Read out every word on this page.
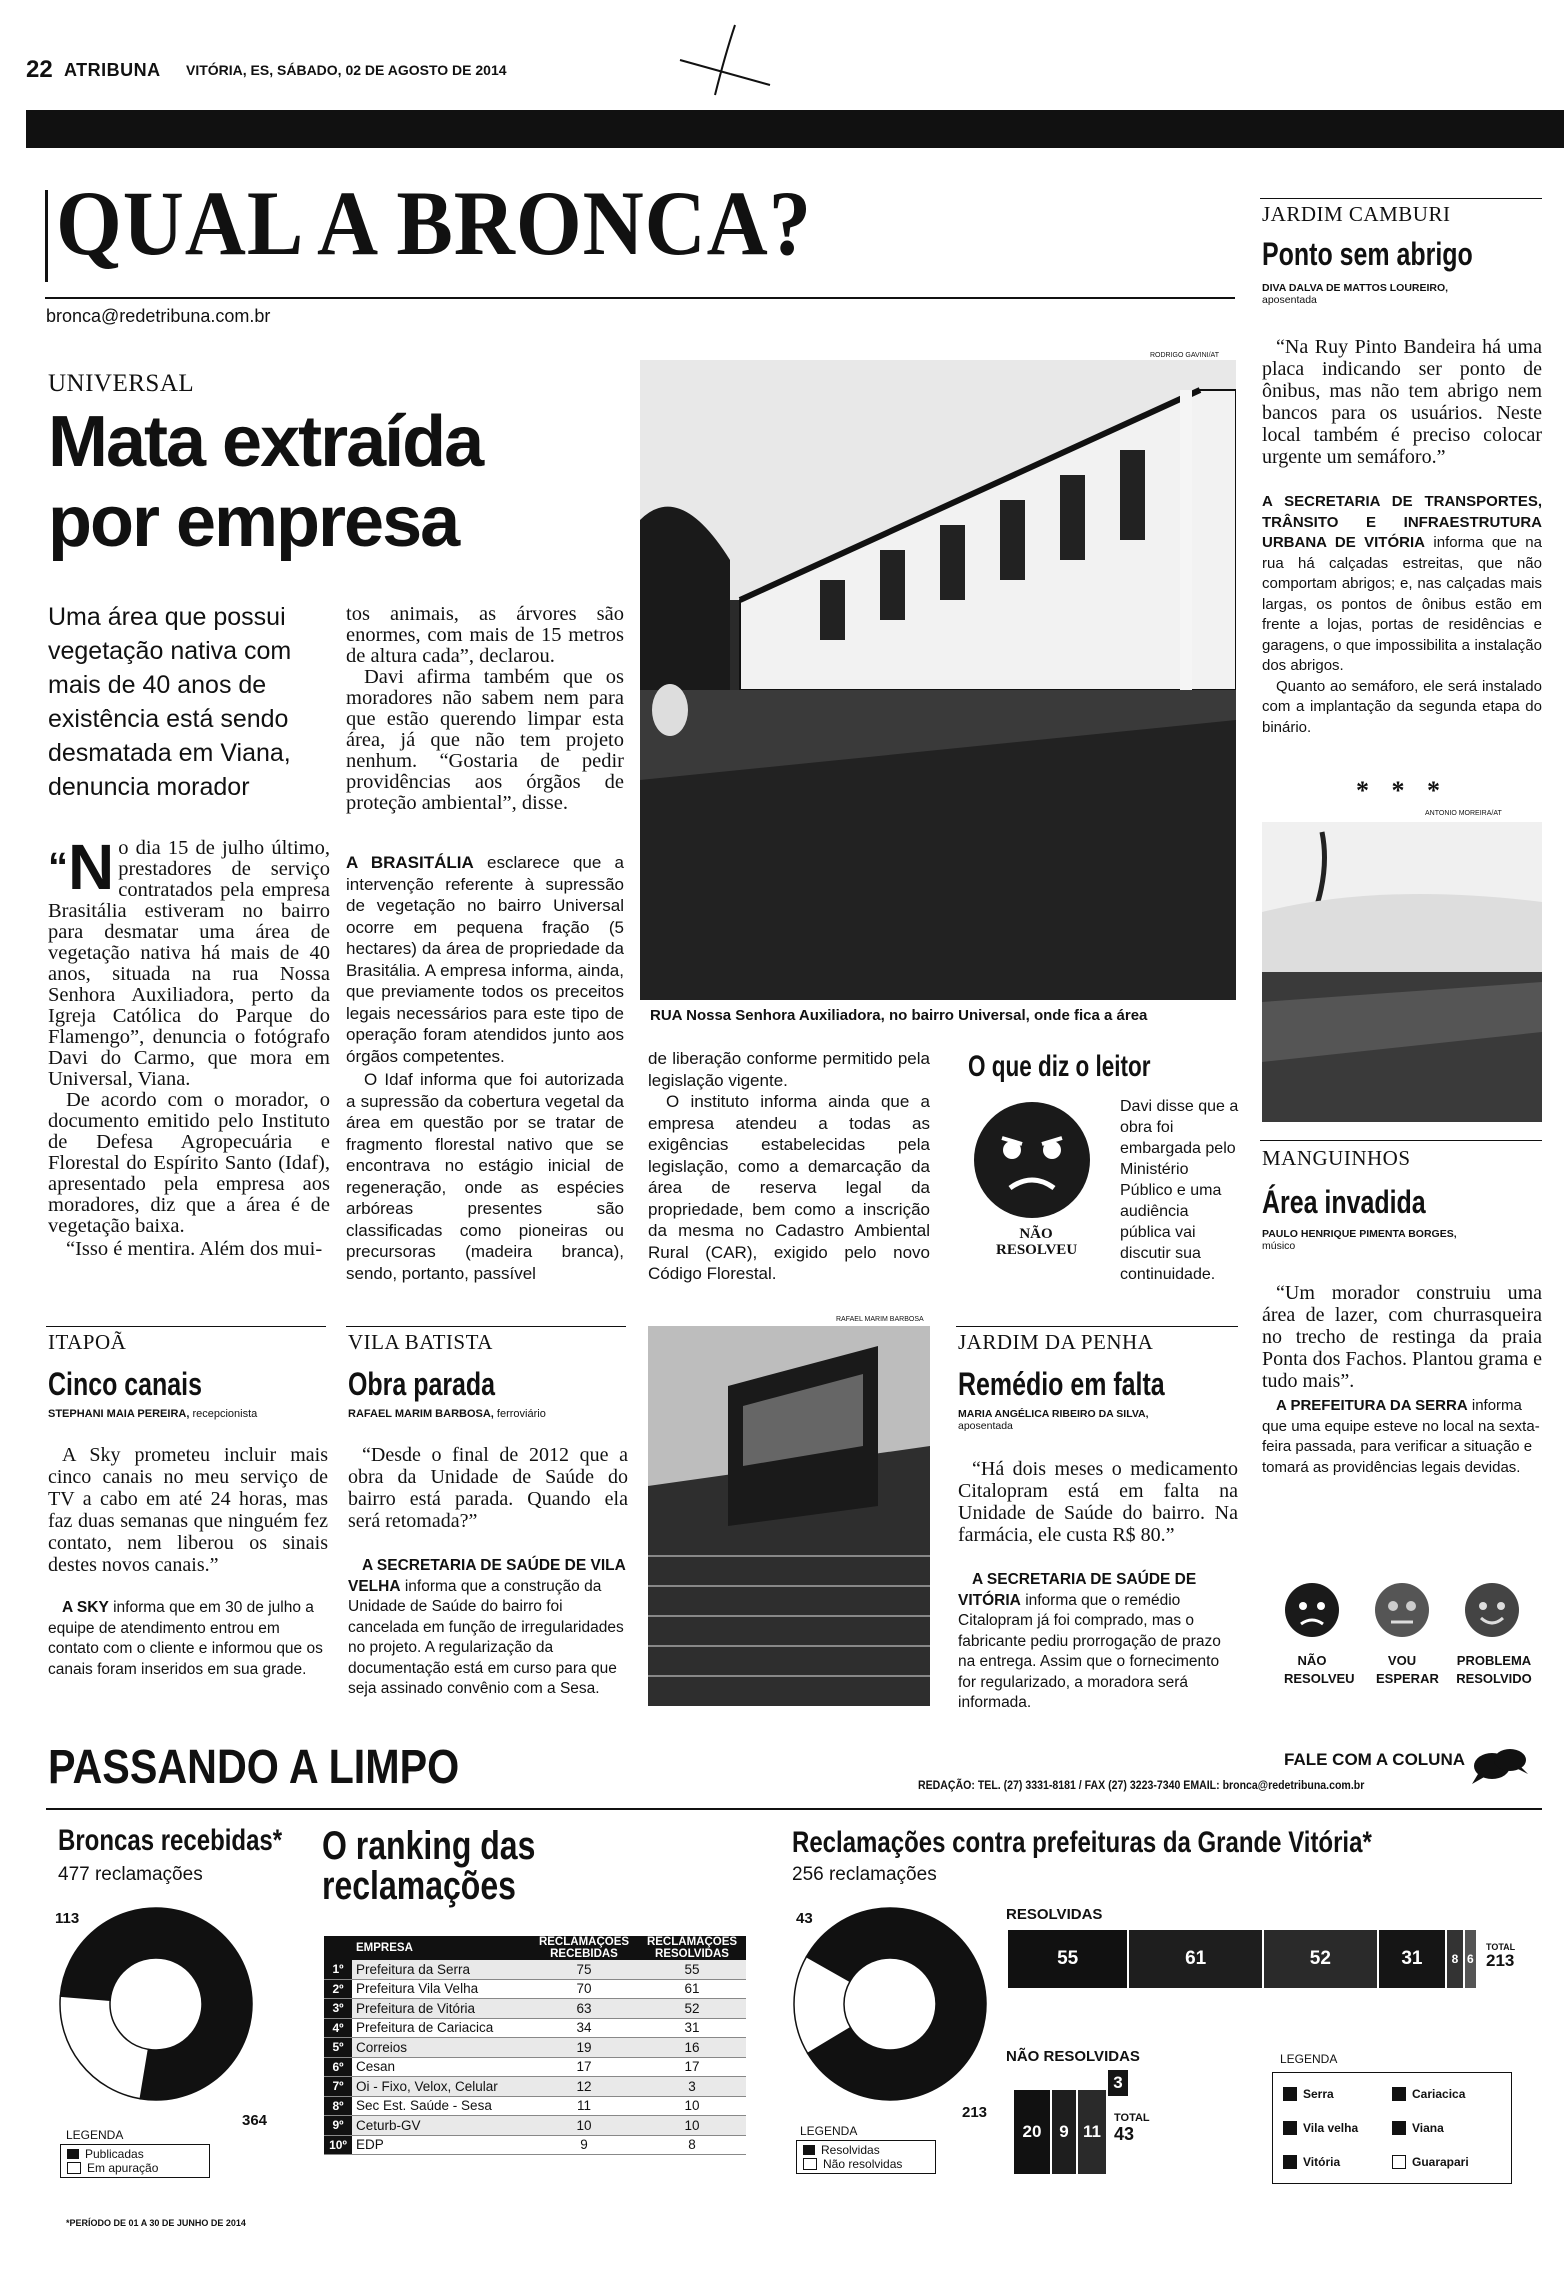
22 ATRIBUNA VITÓRIA, ES, SÁBADO, 02 DE AGOSTO DE 2014
QUAL A BRONCA?
bronca@redetribuna.com.br
UNIVERSAL
Mata extraída por empresa
Uma área que possui vegetação nativa com mais de 40 anos de existência está sendo desmatada em Viana, denuncia morador
“N o dia 15 de julho último, prestadores de serviço contratados pela empresa Brasitália estiveram no bairro para desmatar uma área de vegetação nativa há mais de 40 anos, situada na rua Nossa Senhora Auxiliadora, perto da Igreja Católica do Parque do Flamengo”, denuncia o fotógrafo Davi do Carmo, que mora em Universal, Viana.

De acordo com o morador, o documento emitido pelo Instituto de Defesa Agropecuária e Florestal do Espírito Santo (Idaf), apresentado pela empresa aos moradores, diz que a área é de vegetação baixa.

“Isso é mentira. Além dos mui-

tos animais, as árvores são enormes, com mais de 15 metros de altura cada”, declarou.

Davi afirma também que os moradores não sabem nem para que estão querendo limpar esta área, já que não tem projeto nenhum. “Gostaria de pedir providências aos órgãos de proteção ambiental”, disse.

A BRASITÁLIA esclarece que a intervenção referente à supressão de vegetação no bairro Universal ocorre em pequena fração (5 hectares) da área de propriedade da Brasitália. A empresa informa, ainda, que previamente todos os preceitos legais necessários para este tipo de operação foram atendidos junto aos órgãos competentes.

O Idaf informa que foi autorizada a supressão da cobertura vegetal da área em questão por se tratar de fragmento florestal nativo que se encontrava no estágio inicial de regeneração, onde as espécies arbóreas presentes são classificadas como pioneiras ou precursoras (madeira branca), sendo, portanto, passível

RODRIGO GAVINI/AT
RUA Nossa Senhora Auxiliadora, no bairro Universal, onde fica a área
de liberação conforme permitido pela legislação vigente.

O instituto informa ainda que a empresa atendeu a todas as exigências estabelecidas pela legislação, como a demarcação da área de reserva legal da propriedade, bem como a inscrição da mesma no Cadastro Ambiental Rural (CAR), exigido pelo novo Código Florestal.

O que diz o leitor
NÃO RESOLVEU
Davi disse que a obra foi embargada pelo Ministério Público e uma audiência pública vai discutir sua continuidade.
JARDIM CAMBURI
Ponto sem abrigo
DIVA DALVA DE MATTOS LOUREIRO,
aposentada
“Na Ruy Pinto Bandeira há uma placa indicando ser ponto de ônibus, mas não tem abrigo nem bancos para os usuários. Neste local também é preciso colocar urgente um semáforo.”
A SECRETARIA DE TRANSPORTES, TRÂNSITO E INFRAESTRUTURA URBANA DE VITÓRIA informa que na rua há calçadas estreitas, que não comportam abrigos; e, nas calçadas mais largas, os pontos de ônibus estão em frente a lojas, portas de residências e garagens, o que impossibilita a instalação dos abrigos.
Quanto ao semáforo, ele será instalado com a implantação da segunda etapa do binário.
* * *
ANTONIO MOREIRA/AT
MANGUINHOS
Área invadida
PAULO HENRIQUE PIMENTA BORGES,
músico
“Um morador construiu uma área de lazer, com churrasqueira no trecho de restinga da praia Ponta dos Fachos. Plantou grama e tudo mais”.
A PREFEITURA DA SERRA informa que uma equipe esteve no local na sexta-feira passada, para verificar a situação e tomará as providências legais devidas.
NÃO RESOLVEU
VOU ESPERAR
PROBLEMA RESOLVIDO
ITAPOÃ
Cinco canais
STEPHANI MAIA PEREIRA, recepcionista
A Sky prometeu incluir mais cinco canais no meu serviço de TV a cabo em até 24 horas, mas faz duas semanas que ninguém fez contato, nem liberou os sinais destes novos canais.”
A SKY informa que em 30 de julho a equipe de atendimento entrou em contato com o cliente e informou que os canais foram inseridos em sua grade.
VILA BATISTA
Obra parada
RAFAEL MARIM BARBOSA, ferroviário
“Desde o final de 2012 que a obra da Unidade de Saúde do bairro está parada. Quando ela será retomada?”
A SECRETARIA DE SAÚDE DE VILA VELHA informa que a construção da Unidade de Saúde do bairro foi cancelada em função de irregularidades no projeto. A regularização da documentação está em curso para que seja assinado convênio com a Sesa.
RAFAEL MARIM BARBOSA
JARDIM DA PENHA
Remédio em falta
MARIA ANGÉLICA RIBEIRO DA SILVA,
aposentada
“Há dois meses o medicamento Citalopram está em falta na Unidade de Saúde do bairro. Na farmácia, ele custa R$ 80.”
A SECRETARIA DE SAÚDE DE VITÓRIA informa que o remédio Citalopram já foi comprado, mas o fabricante pediu prorrogação de prazo na entrega. Assim que o fornecimento for regularizado, a moradora será informada.
PASSANDO A LIMPO	FALE COM A COLUNA
REDAÇÃO: TEL. (27) 3331-8181 / FAX (27) 3223-7340 EMAIL: bronca@redetribuna.com.br
Broncas recebidas*
477 reclamações
113
364
LEGENDA
Publicadas
Em apuração
O ranking das reclamações
	EMPRESA	RECLAMAÇÕES RECEBIDAS	RECLAMAÇÕES RESOLVIDAS
1º	Prefeitura da Serra	75	55
2º	Prefeitura Vila Velha	70	61
3º	Prefeitura de Vitória	63	52
4º	Prefeitura de Cariacica	34	31
5º	Correios	19	16
6º	Cesan	17	17
7º	Oi - Fixo, Velox, Celular	12	3
8º	Sec Est. Saúde - Sesa	11	10
9º	Ceturb-GV	10	10
10º	EDP	9	8
Reclamações contra prefeituras da Grande Vitória*
256 reclamações
43
213
LEGENDA
Resolvidas
Não resolvidas
RESOLVIDAS
55	61	52	31	8 6
TOTAL
213
NÃO RESOLVIDAS
20	9 11
3
TOTAL
43
LEGENDA
Serra	Cariacica
Vila velha	Viana
Vitória	Guarapari
*PERÍODO DE 01 A 30 DE JUNHO DE 2014
